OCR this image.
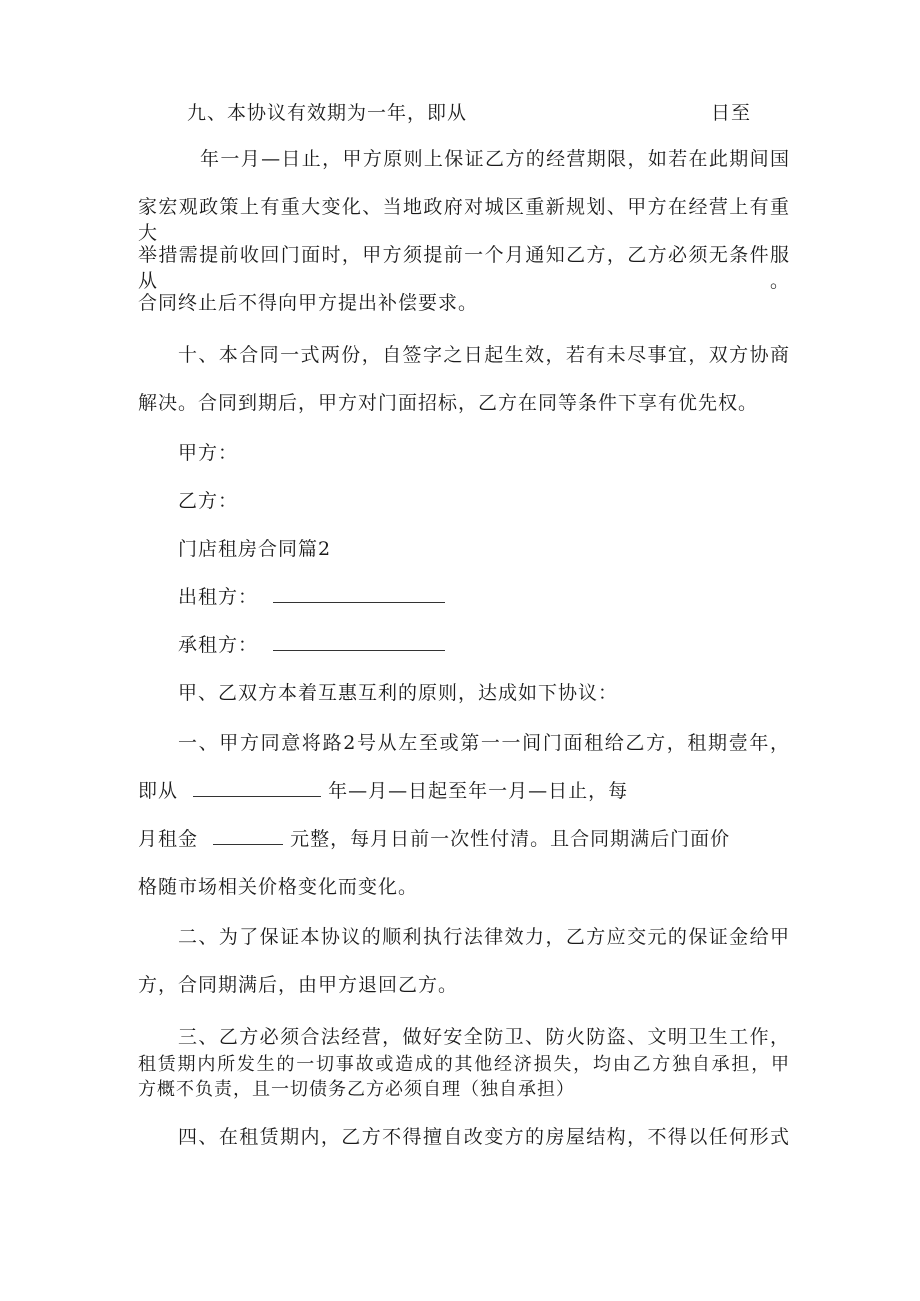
九、本协议有效期为一年，即从	日至
年一月—日止，甲方原则上保证乙方的经营期限，如若在此期间国
家宏观政策上有重大变化、当地政府对城区重新规划、甲方在经营上有重大
举措需提前收回门面时，甲方须提前一个月通知乙方，乙方必须无条件服从。
合同终止后不得向甲方提出补偿要求。
十、本合同一式两份，自签字之日起生效，若有未尽事宜，双方协商
解决。合同到期后，甲方对门面招标，乙方在同等条件下享有优先权。
甲方：
乙方：
门店租房合同篇2
出租方：
承租方：
甲、乙双方本着互惠互利的原则，达成如下协议：
一、甲方同意将路2号从左至或第一一间门面租给乙方，租期壹年，
即从	年—月—日起至年一月—日止，每
月租金	元整，每月日前一次性付清。且合同期满后门面价
格随市场相关价格变化而变化。
二、为了保证本协议的顺利执行法律效力，乙方应交元的保证金给甲
方，合同期满后，由甲方退回乙方。
三、乙方必须合法经营，做好安全防卫、防火防盗、文明卫生工作，
租赁期内所发生的一切事故或造成的其他经济损失，均由乙方独自承担，甲
方概不负责，且一切债务乙方必须自理（独自承担）
四、在租赁期内，乙方不得擅自改变方的房屋结构，不得以任何形式
